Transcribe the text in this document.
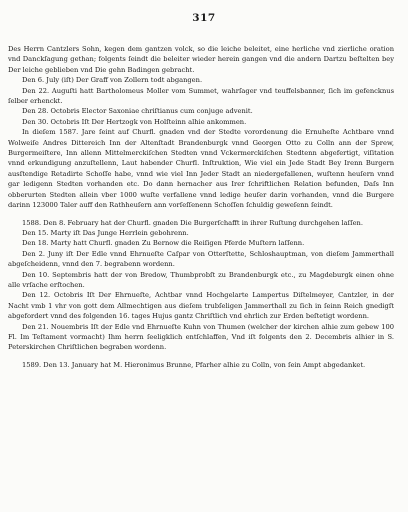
317

Des Herrn Cantzlers Sohn, kegen dem gantzen volck, so die leiche beleitet, eine herliche vnd zierliche oration vnd Danckſagung gethan; folgents ſeindt die beleiter wieder herein gangen vnd die andern Dartzu beſtelten bey Der leiche geblieben vnd Die gehn Badingen gebracht.

Den 6. July (iſt) Der Graff von Zollern todt abgangen.

Den 22. Auguſti hatt Bartholomeus Moller vom Summet, wahrſager vnd teuffelsbanner, ſich im gefencknus ſelber erhenckt.

Den 28. Octobris Elector Saxoniae chriſtianus cum conjuge advenit.

Den 30. Octobris Iſt Der Hertzogk von Holſteinn alhie ankommen.

In dieſem 1587. Jare ſeint auf Churfl. gnaden vnd der Stedte vorordenung die Ernuheſte Achtbare vnnd Wolweiſe Andres Dittereich Inn der Altenſtadt Brandenburgk vnnd Georgen Otto zu Colln ann der Sprew, Burgermeiſtere, Inn allenn Mittelmerckiſchen Stedten vnnd Vckermerckiſchen Stedtenn abgefertigt, viſitation vnnd erkundigung anzuſtellenn, Laut habender Churfl. Inſtruktion, Wie viel ein Jede Stadt Bey Irenn Burgern ausſtendige Retadirte Schoſſe habe, vnnd wie viel Inn Jeder Stadt an niedergefallenen, wuſtenn heuſern vnnd gar ledigenn Stedten vorhanden etc. Do dann hernacher aus Irer ſchriftlichen Relation befunden, Daſs Inn obberurten Stedten allein vber 1000 wuſte verfallene vnnd ledige heuſer darin vorhanden, vnnd die Burgere darinn 123000 Taler auff den Rathheuſern ann vorſeſſenenn Schoſſen ſchuldig geweſenn ſeindt.

1588. Den 8. February hat der Churfl. gnaden Die Burgerſchafft in ihrer Ruſtung durchgehen laſſen.

Den 15. Marty iſt Das Junge Herrlein gebohrenn.

Den 18. Marty hatt Churfl. gnaden Zu Bernow die Reiſigen Pferde Muſtern laſſenn.

Den 2. Juny iſt Der Edle vnnd Ehrnueſte Caſpar von Otterſtette, Schloshauptman, von dieſem Jammerthall abgeſcheidenn, vnnd den 7. begrabenn wordenn.

Den 10. Septembris hatt der von Bredow, Thumbprobſt zu Brandenburgk etc., zu Magdeburgk einen ohne alle vrſache erſtochen.

Den 12. Octobris Iſt Der Ehrnueſte, Achtbar vnnd Hochgelarte Lampertus Diſtelmeyer, Cantzler, in der Nacht vmb 1 vhr von gott dem Allmechtigen aus dieſem trubſeligen Jammerthall zu ſich in ſeinn Reich gnedigſt abgefordert vnnd des folgenden 16. tages Hujus gantz Chriſtlich vnd ehrlich zur Erden beſtetigt wordenn.

Den 21. Nouembris Iſt der Edle vnd Ehrnueſte Kuhn von Thumen (welcher der kirchen alhie zum gebew 100 Fl. Im Teſtament vormacht) Ihm herrn ſeeligklich entſchlaffen, Vnd iſt folgents den 2. Decembris alhier in S. Peterskirchen Chriſtlichen begraben wordenn.

1589. Den 13. January hat M. Hieronimus Brunne, Pfarher alhie zu Colln, von ſein Ampt abgedanket.
